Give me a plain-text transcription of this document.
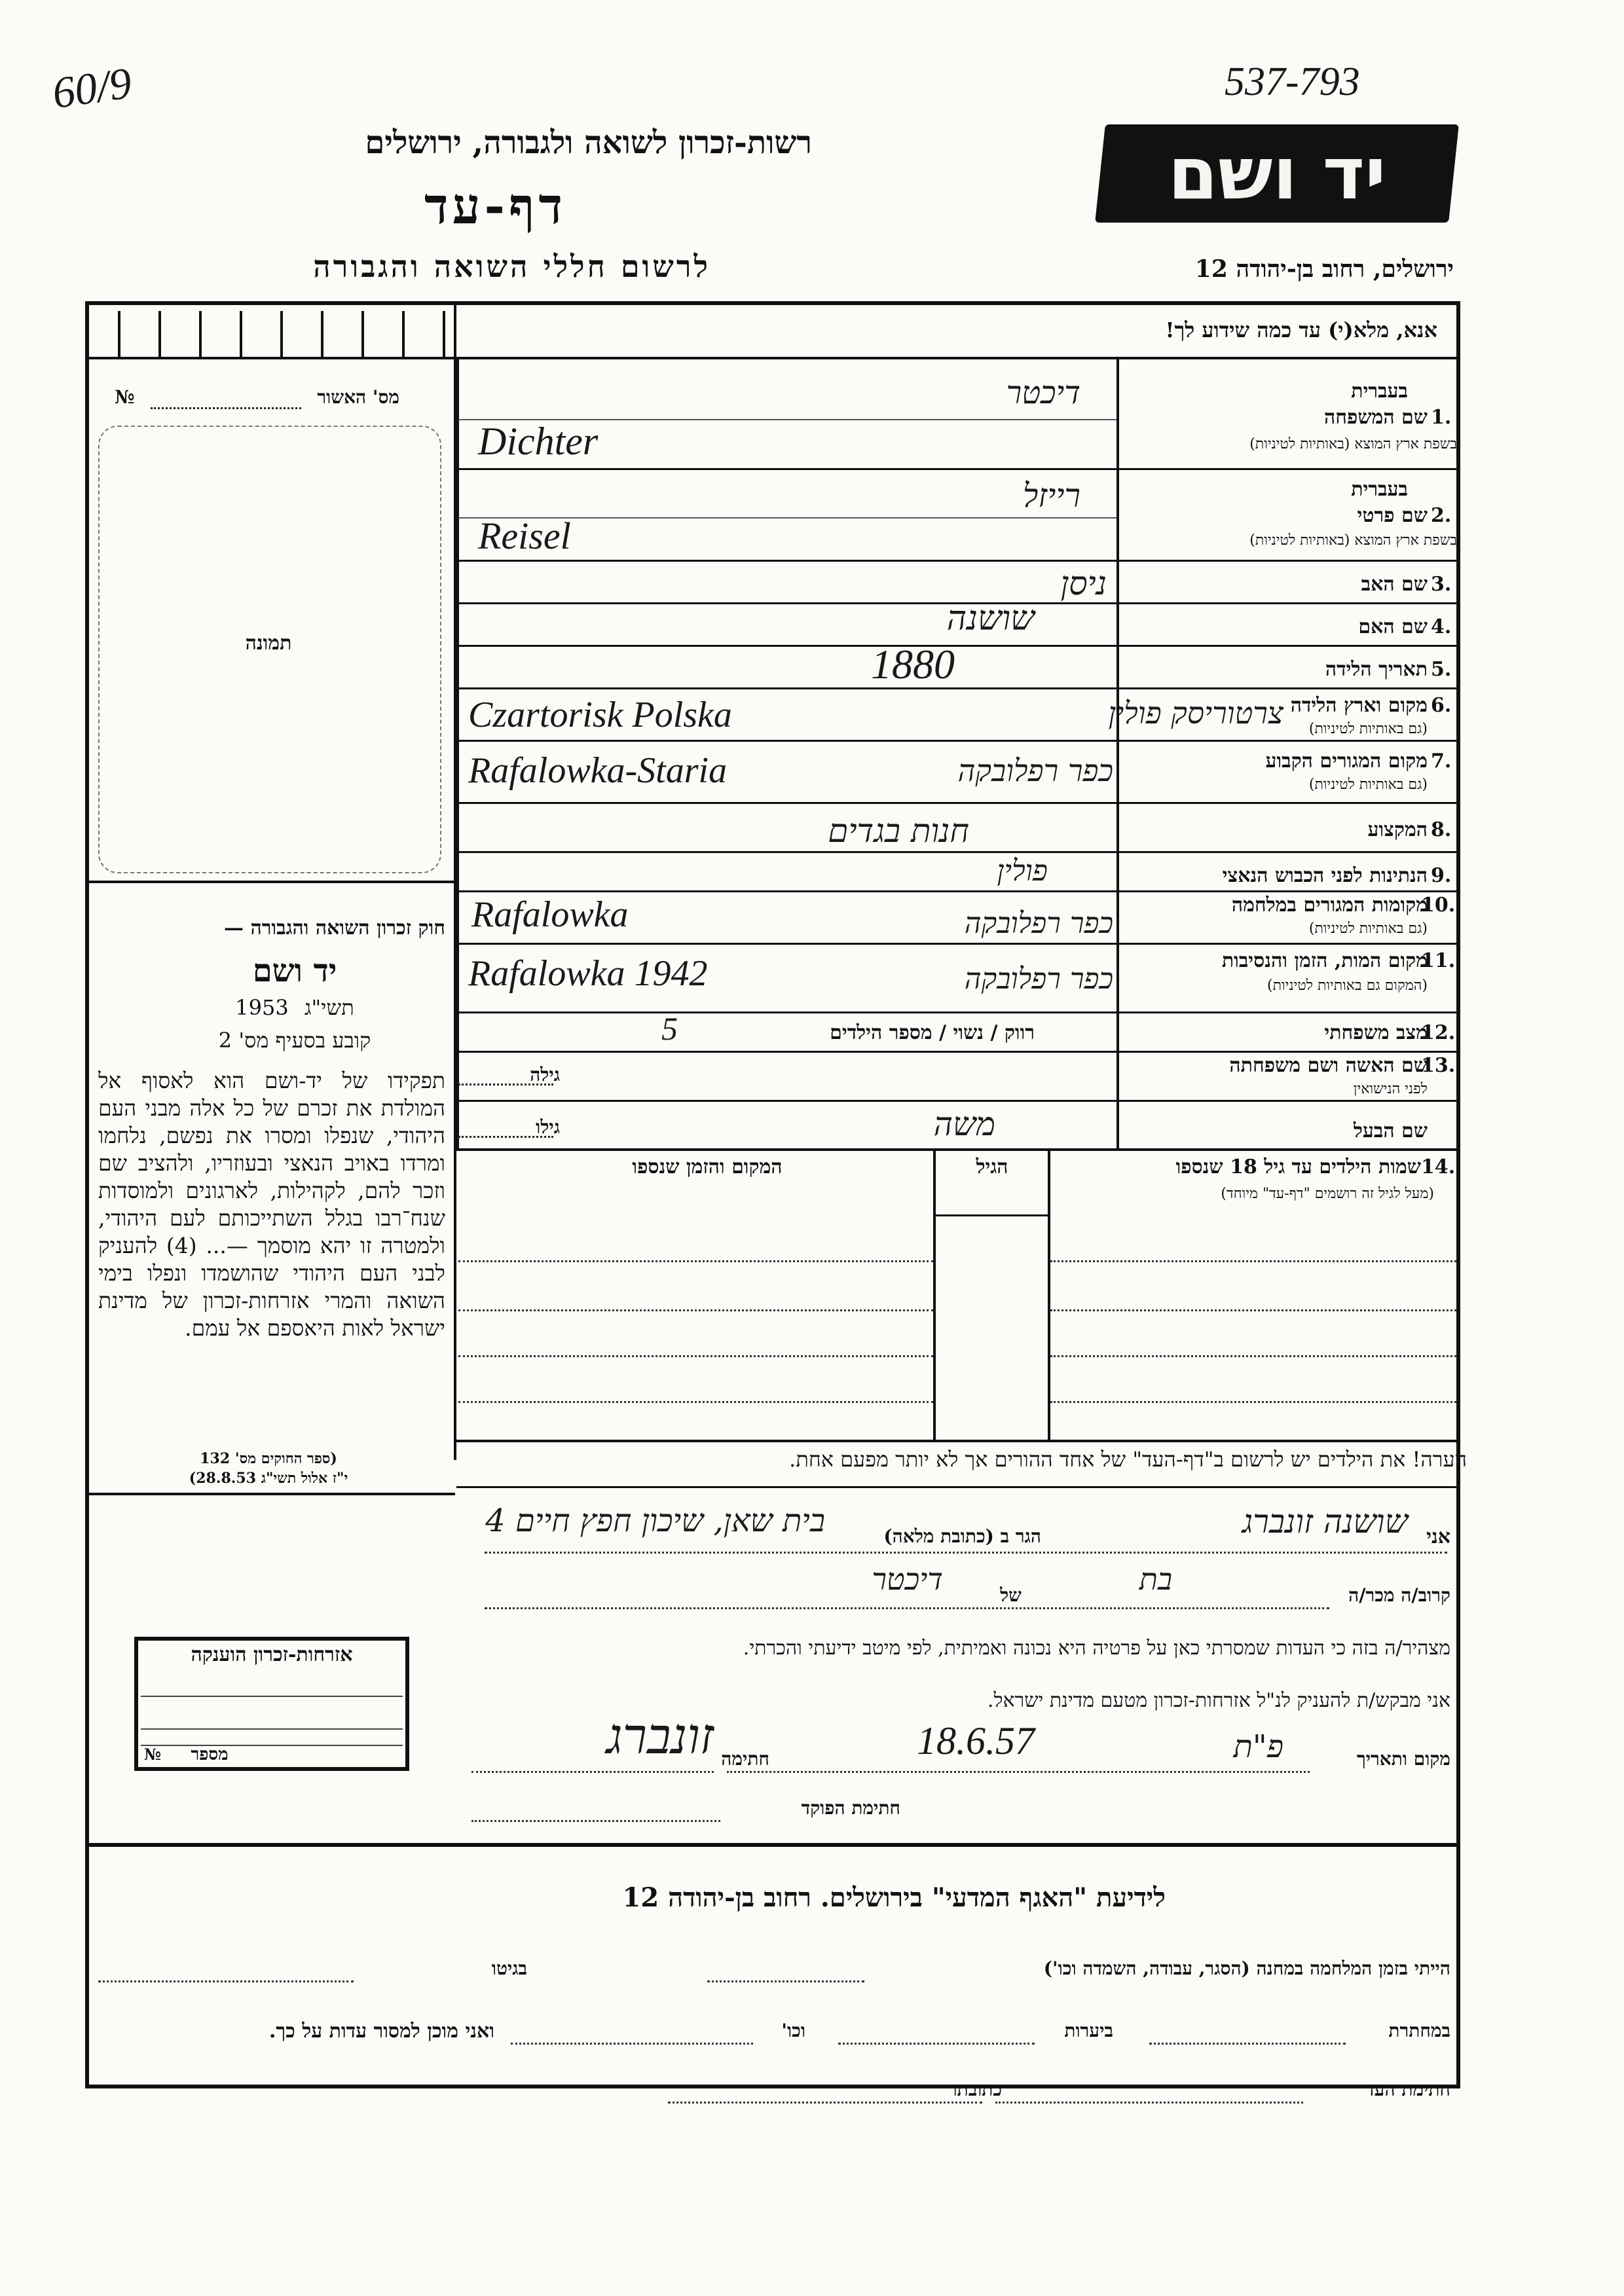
60/9	537-793
רשות-זכרון לשואה ולגבורה, ירושלים
דף-עד
לרשום חללי השואה והגבורה
יד ושם
ירושלים, רחוב בן-יהודה 12
אנא, מלא(י) עד כמה שידוע לך!
מס' האשור
№
תמונה
חוק זכרון השואה והגבורה —
יד ושם
1953 תשי"ג
קובע בסעיף מס' 2
תפקידו של יד-ושם הוא לאסוף אל המולדת את זכרם של כל אלה מבני העם היהודי, שנפלו ומסרו את נפשם, נלחמו ומרדו באויב הנאצי ובעוזריו, ולהציב שם וזכר להם, לקהילות, לארגונים ולמוסדות שנח־רבו בגלל השתייכותם לעם היהודי, ולמטרה זו יהא מוסמך —... (4) להעניק לבני העם היהודי שהושמדו ונפלו בימי השואה והמרי אזרחות-זכרון של מדינת ישראל לאות היאספם אל עמם.
(ספר החוקים מס' 132
י"ז אלול תשי"ג 28.8.53)
בעברית
1.
שם המשפחה
בשפת ארץ המוצא (באותיות לטיניות)
דיכטר
Dichter
בעברית
2.
שם פרטי
בשפת ארץ המוצא (באותיות לטיניות)
רייזל
Reisel
3.
שם האב
ניסן
4.
שם האם
שושנה
5.
תאריך הלידה
1880
6.
מקום וארץ הלידה
(גם באותיות לטיניות)
Czartorisk Polska	צרטוריסק פולין
7.
מקום המגורים הקבוע
(גם באותיות לטיניות)
Rafalowka-Staria	כפר רפלובקה
8.
המקצוע
חנות בגדים
9.
הנתינות לפני הכבוש הנאצי
פולין
10.
מקומות המגורים במלחמה
(גם באותיות לטיניות)
Rafalowka	כפר רפלובקה
11.
מקום המות, הזמן והנסיבות
(המקום גם באותיות לטיניות)
Rafalowka 1942	כפר רפלובקה
12.
מצב משפחתי
רווק / נשוי / מספר הילדים
5
13.
שם האשה ושם משפחתה
לפני הנישואין
גילה
שם הבעל
משה
גילו
14.
שמות הילדים עד גיל 18 שנספו
(מעל לגיל זה רושמים "דף-עד" מיוחד)
הגיל
המקום והזמן שנספו
הערה! את הילדים יש לרשום ב"דף-העד" של אחד ההורים אך לא יותר מפעם אחת.
אני
שושנה זונברג
הגר ב (כתובת מלאה)
בית שאן, שיכון חפץ חיים 4
קרוב/ה מכר/ה
בת
של
דיכטר
מצהיר/ה בזה כי העדות שמסרתי כאן על פרטיה היא נכונה ואמיתית, לפי מיטב ידיעתי והכרתי.
אני מבקש/ת להעניק לנ"ל אזרחות-זכרון מטעם מדינת ישראל.
מקום ותאריך
פ"ת
18.6.57
חתימה
זונברג
חתימת הפוקד
אזרחות-זכרון הוענקה
מספר
№
לידיעת "האגף המדעי" בירושלים. רחוב בן-יהודה 12
הייתי בזמן המלחמה במחנה (הסגר, עבודה, השמדה וכו')
בגיטו
במחתרת
ביערות
וכו'
ואני מוכן למסור עדות על כך.
חתימת העד
כתובתו
